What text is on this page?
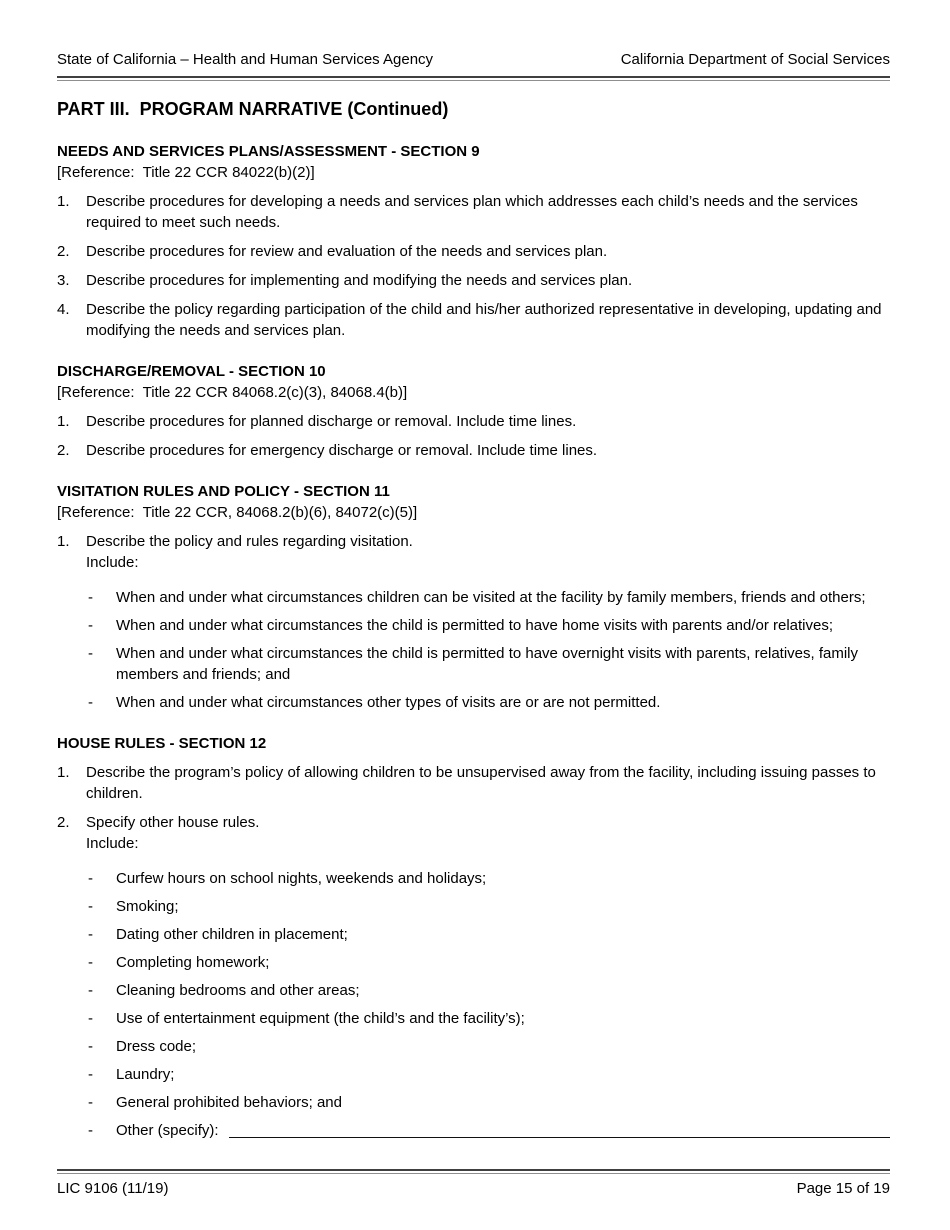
State of California – Health and Human Services Agency	California Department of Social Services
PART III.  PROGRAM NARRATIVE (Continued)
NEEDS AND SERVICES PLANS/ASSESSMENT - SECTION 9
[Reference:  Title 22 CCR 84022(b)(2)]
1.	Describe procedures for developing a needs and services plan which addresses each child’s needs and the services required to meet such needs.
2.	Describe procedures for review and evaluation of the needs and services plan.
3.	Describe procedures for implementing and modifying the needs and services plan.
4.	Describe the policy regarding participation of the child and his/her authorized representative in developing, updating and modifying the needs and services plan.
DISCHARGE/REMOVAL - SECTION 10
[Reference:  Title 22 CCR 84068.2(c)(3), 84068.4(b)]
1.	Describe procedures for planned discharge or removal. Include time lines.
2.	Describe procedures for emergency discharge or removal. Include time lines.
VISITATION RULES AND POLICY - SECTION 11
[Reference:  Title 22 CCR, 84068.2(b)(6), 84072(c)(5)]
1.	Describe the policy and rules regarding visitation.
Include:
-	When and under what circumstances children can be visited at the facility by family members, friends and others;
-	When and under what circumstances the child is permitted to have home visits with parents and/or relatives;
-	When and under what circumstances the child is permitted to have overnight visits with parents, relatives, family members and friends; and
-	When and under what circumstances other types of visits are or are not permitted.
HOUSE RULES - SECTION 12
1.	Describe the program’s policy of allowing children to be unsupervised away from the facility, including issuing passes to children.
2.	Specify other house rules.
Include:
-	Curfew hours on school nights, weekends and holidays;
-	Smoking;
-	Dating other children in placement;
-	Completing homework;
-	Cleaning bedrooms and other areas;
-	Use of entertainment equipment (the child’s and the facility’s);
-	Dress code;
-	Laundry;
-	General prohibited behaviors; and
-	Other (specify):
LIC 9106 (11/19)	Page 15 of 19
